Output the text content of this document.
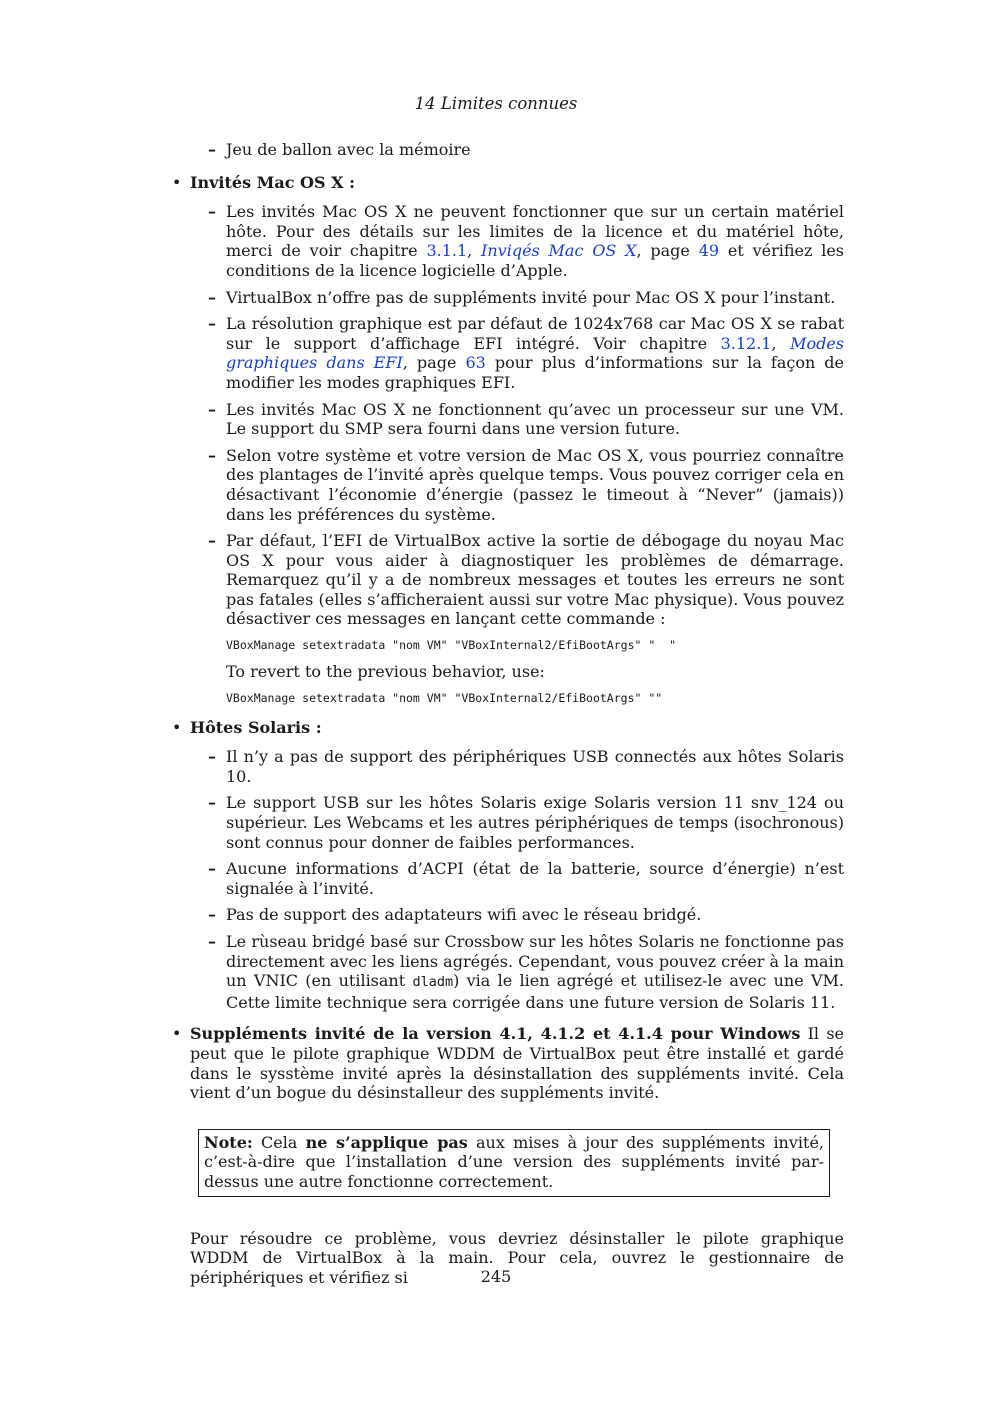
14 Limites connues
– Jeu de ballon avec la mémoire
• Invités Mac OS X :
– Les invités Mac OS X ne peuvent fonctionner que sur un certain matériel hôte. Pour des détails sur les limites de la licence et du matériel hôte, merci de voir chapitre 3.1.1, Inviqés Mac OS X, page 49 et vérifiez les conditions de la licence logicielle d’Apple.
– VirtualBox n’offre pas de suppléments invité pour Mac OS X pour l’instant.
– La résolution graphique est par défaut de 1024x768 car Mac OS X se rabat sur le support d’affichage EFI intégré. Voir chapitre 3.12.1, Modes graphiques dans EFI, page 63 pour plus d’informations sur la façon de modifier les modes graphiques EFI.
– Les invités Mac OS X ne fonctionnent qu’avec un processeur sur une VM. Le support du SMP sera fourni dans une version future.
– Selon votre système et votre version de Mac OS X, vous pourriez connaître des plantages de l’invité après quelque temps. Vous pouvez corriger cela en désactivant l’économie d’énergie (passez le timeout à “Never” (jamais)) dans les préférences du système.
– Par défaut, l’EFI de VirtualBox active la sortie de débogage du noyau Mac OS X pour vous aider à diagnostiquer les problèmes de démarrage. Remarquez qu’il y a de nombreux messages et toutes les erreurs ne sont pas fatales (elles s’afficheraient aussi sur votre Mac physique). Vous pouvez désactiver ces messages en lançant cette commande :
VBoxManage setextradata "nom VM" "VBoxInternal2/EfiBootArgs" "  "
To revert to the previous behavior, use:
VBoxManage setextradata "nom VM" "VBoxInternal2/EfiBootArgs" ""
• Hôtes Solaris :
– Il n’y a pas de support des périphériques USB connectés aux hôtes Solaris 10.
– Le support USB sur les hôtes Solaris exige Solaris version 11 snv_124 ou supérieur. Les Webcams et les autres périphériques de temps (isochronous) sont connus pour donner de faibles performances.
– Aucune informations d’ACPI (état de la batterie, source d’énergie) n’est signalée à l’invité.
– Pas de support des adaptateurs wifi avec le réseau bridgé.
– Le rùseau bridgé basé sur Crossbow sur les hôtes Solaris ne fonctionne pas directement avec les liens agrégés. Cependant, vous pouvez créer à la main un VNIC (en utilisant dladm) via le lien agrégé et utilisez-le avec une VM. Cette limite technique sera corrigée dans une future version de Solaris 11.
• Suppléments invité de la version 4.1, 4.1.2 et 4.1.4 pour Windows Il se peut que le pilote graphique WDDM de VirtualBox peut être installé et gardé dans le sysstème invité après la désinstallation des suppléments invité. Cela vient d’un bogue du désinstalleur des suppléments invité.
Note: Cela ne s’applique pas aux mises à jour des suppléments invité, c’est-à-dire que l’installation d’une version des suppléments invité par-dessus une autre fonctionne correctement.
Pour résoudre ce problème, vous devriez désinstaller le pilote graphique WDDM de VirtualBox à la main. Pour cela, ouvrez le gestionnaire de périphériques et vérifiez si	245
